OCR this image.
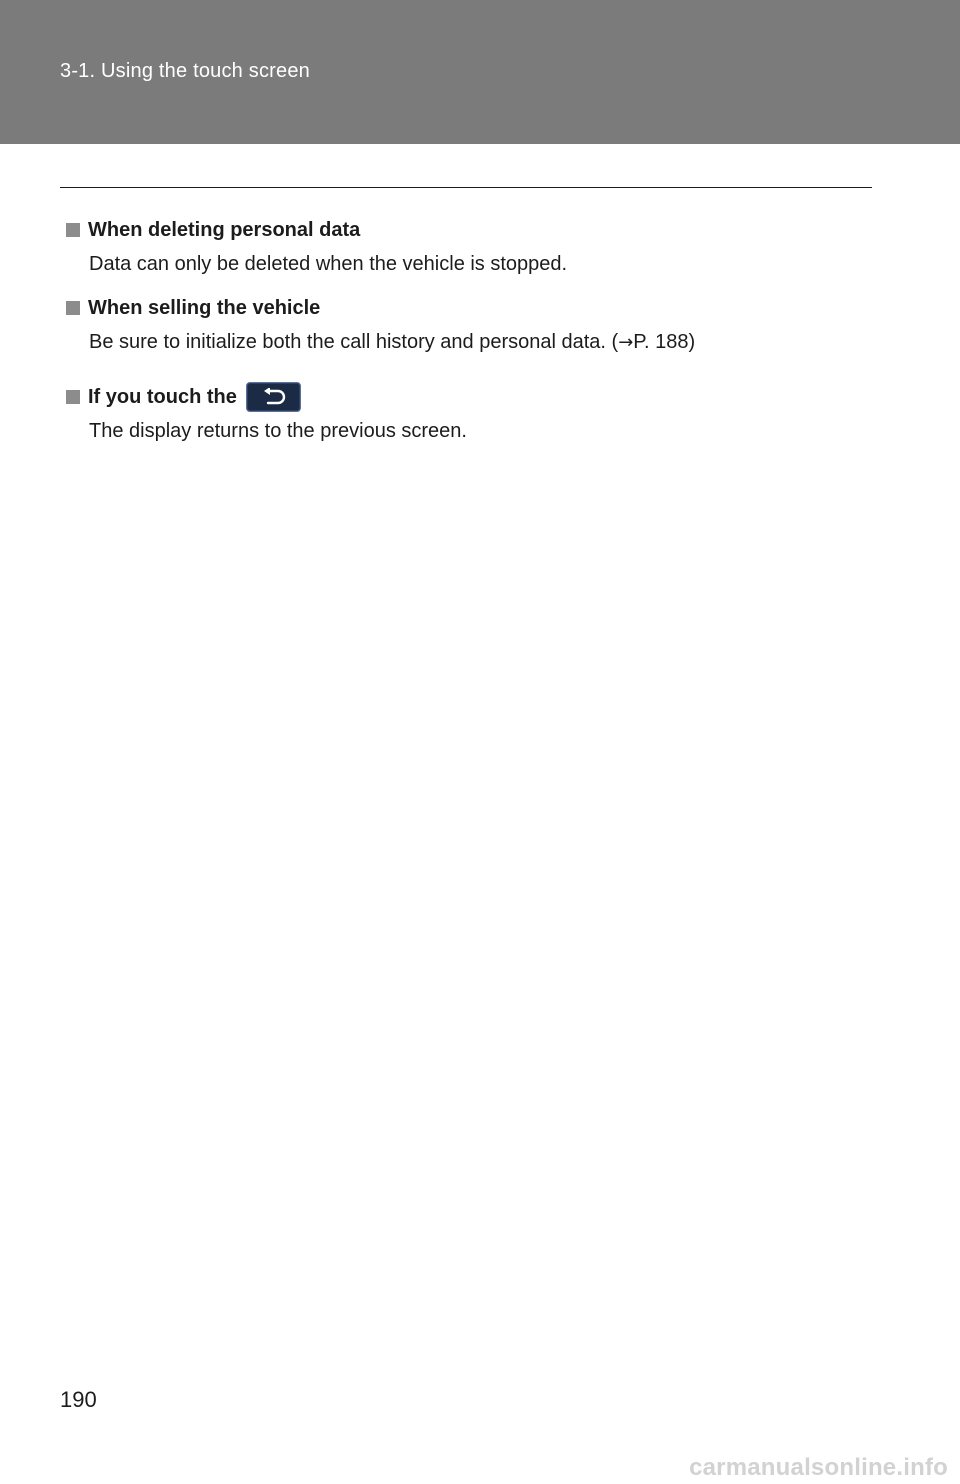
3-1. Using the touch screen
When deleting personal data
Data can only be deleted when the vehicle is stopped.
When selling the vehicle
Be sure to initialize both the call history and personal data. (→P. 188)
If you touch the
The display returns to the previous screen.
190
carmanualsonline.info
